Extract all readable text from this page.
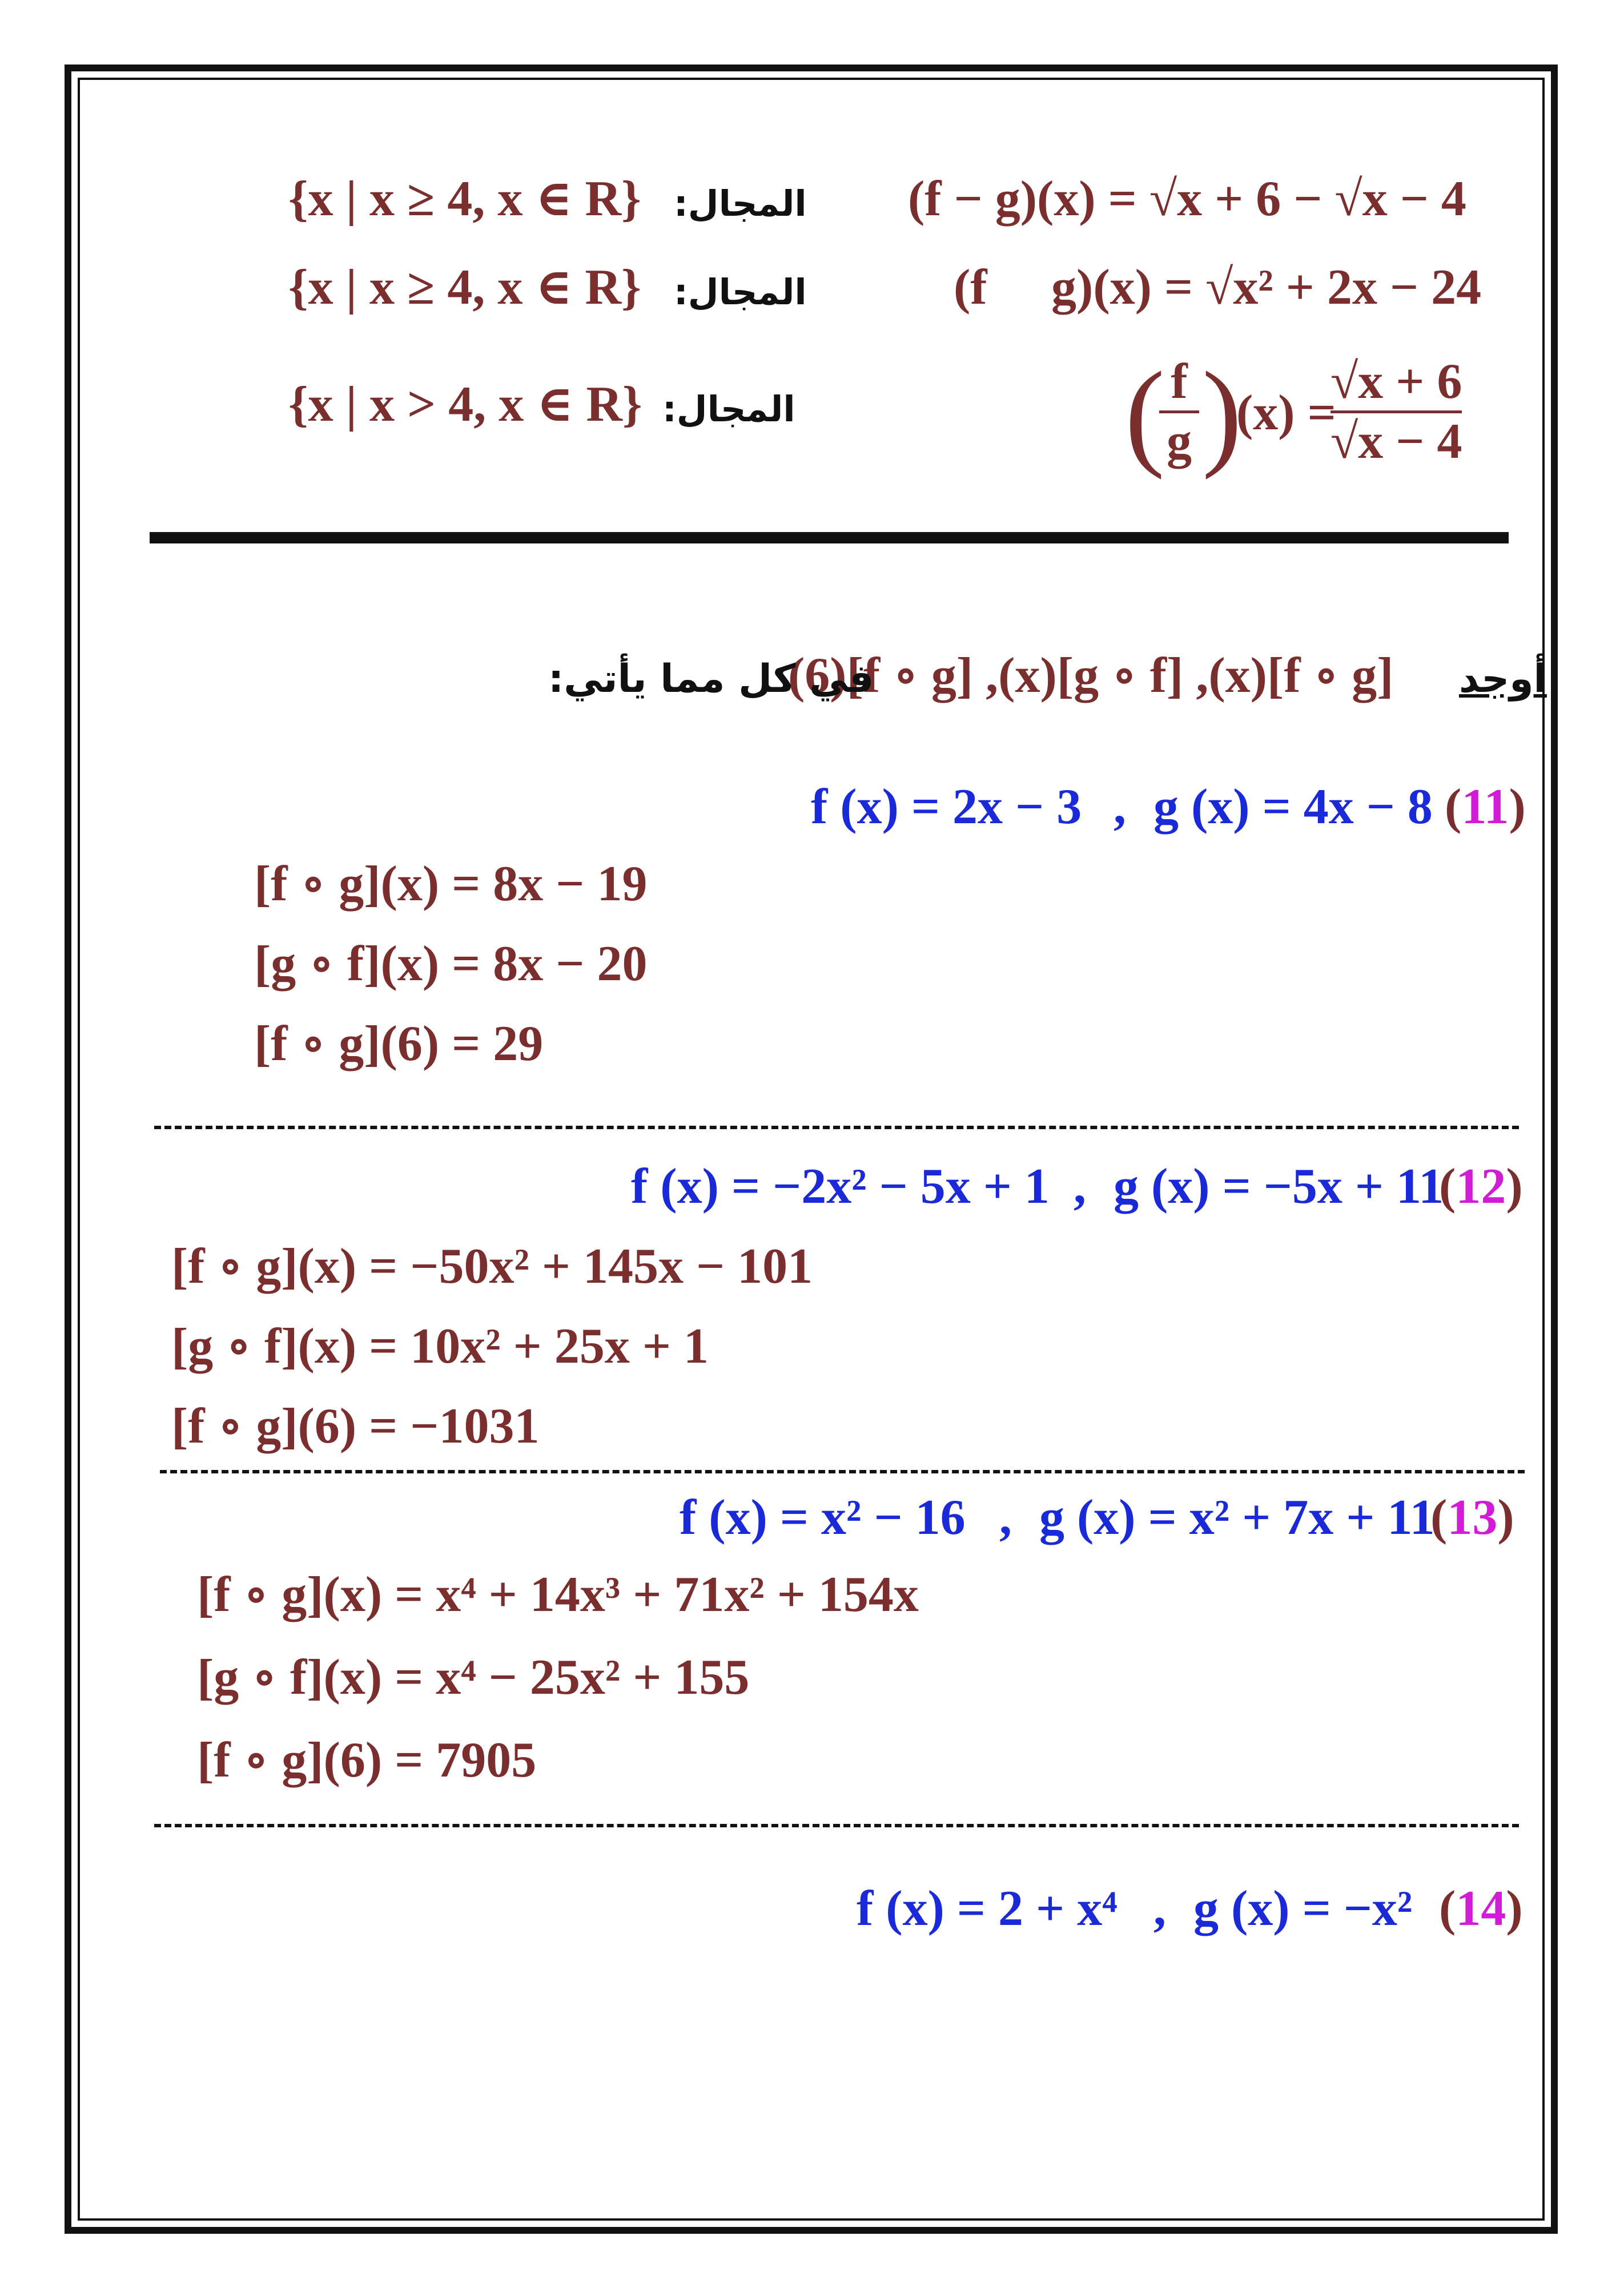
(f − g)(x) = √x + 6 − √x − 4
المجال:
{x | x ≥ 4, x ∈ R}
(f ⃞ g)(x) = √x² + 2x − 24
المجال:
{x | x ≥ 4, x ∈ R}
( f
g )
(x) =
√x + 6
√x − 4
المجال:
{x | x > 4, x ∈ R}
أوجد
(6)[f ∘ g] ,(x)[g ∘ f] ,(x)[f ∘ g]
في كل مما يأتي:
f (x) = 2x − 3 , g (x) = 4x − 8 (11)
[f ∘ g](x) = 8x − 19
[g ∘ f](x) = 8x − 20
[f ∘ g](6) = 29
f (x) = −2x² − 5x + 1 , g (x) = −5x + 11
(12)
[f ∘ g](x) = −50x² + 145x − 101
[g ∘ f](x) = 10x² + 25x + 1
[f ∘ g](6) = −1031
f (x) = x² − 16 , g (x) = x² + 7x + 11
(13)
[f ∘ g](x) = x⁴ + 14x³ + 71x² + 154x
[g ∘ f](x) = x⁴ − 25x² + 155
[f ∘ g](6) = 7905
f (x) = 2 + x⁴ , g (x) = −x² (14)
